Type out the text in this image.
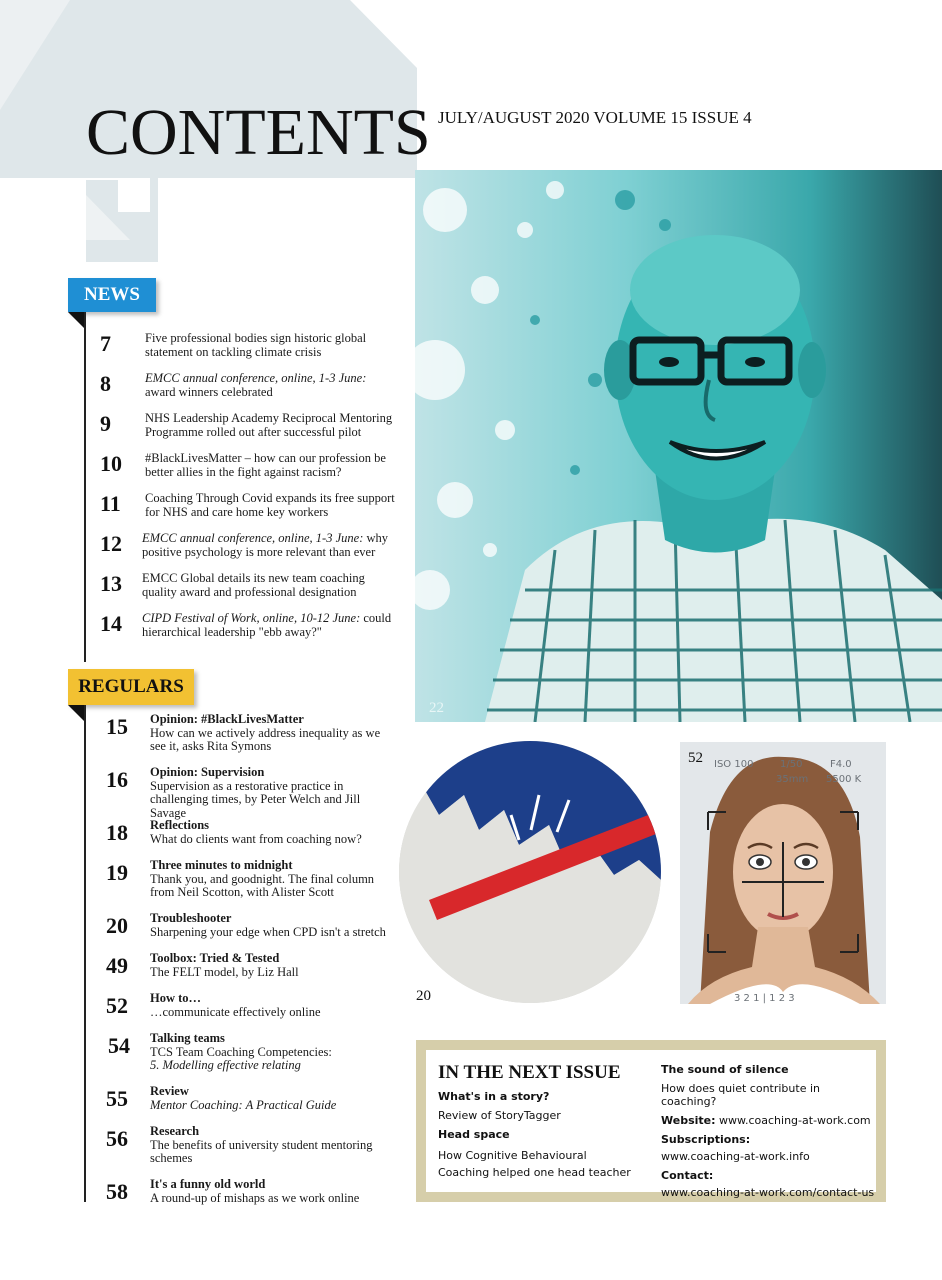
CONTENTS JULY/AUGUST 2020 VOLUME 15 ISSUE 4
22
20
ISO 100	1/50	F4.0
35mm 5500 K
3 2 1 | 1 2 3
52
NEWS
7	Five professional bodies sign historic global statement on tackling climate crisis
8	EMCC annual conference, online, 1-3 June: award winners celebrated
9	NHS Leadership Academy Reciprocal Mentoring Programme rolled out after successful pilot
10	#BlackLivesMatter – how can our profession be better allies in the fight against racism?
11	Coaching Through Covid expands its free support for NHS and care home key workers
12	EMCC annual conference, online, 1-3 June: why positive psychology is more relevant than ever
13	EMCC Global details its new team coaching quality award and professional designation
14	CIPD Festival of Work, online, 10-12 June: could hierarchical leadership "ebb away?"
REGULARS
15	Opinion: #BlackLivesMatter
How can we actively address inequality as we see it, asks Rita Symons
16	Opinion: Supervision
Supervision as a restorative practice in challenging times, by Peter Welch and Jill Savage
18	Reflections
What do clients want from coaching now?
19	Three minutes to midnight
Thank you, and goodnight. The final column from Neil Scotton, with Alister Scott
20	Troubleshooter
Sharpening your edge when CPD isn't a stretch
49	Toolbox: Tried & Tested
The FELT model, by Liz Hall
52	How to…
…communicate effectively online
54	Talking teams
TCS Team Coaching Competencies:
5. Modelling effective relating
55	Review
Mentor Coaching: A Practical Guide
56	Research
The benefits of university student mentoring schemes
58	It's a funny old world
A round-up of mishaps as we work online
IN THE NEXT ISSUE
What's in a story?
Review of StoryTagger
Head space
How Cognitive Behavioural Coaching helped one head teacher
The sound of silence
How does quiet contribute in coaching?
Website: www.coaching-at-work.com
Subscriptions:
www.coaching-at-work.info
Contact:
www.coaching-at-work.com/contact-us
